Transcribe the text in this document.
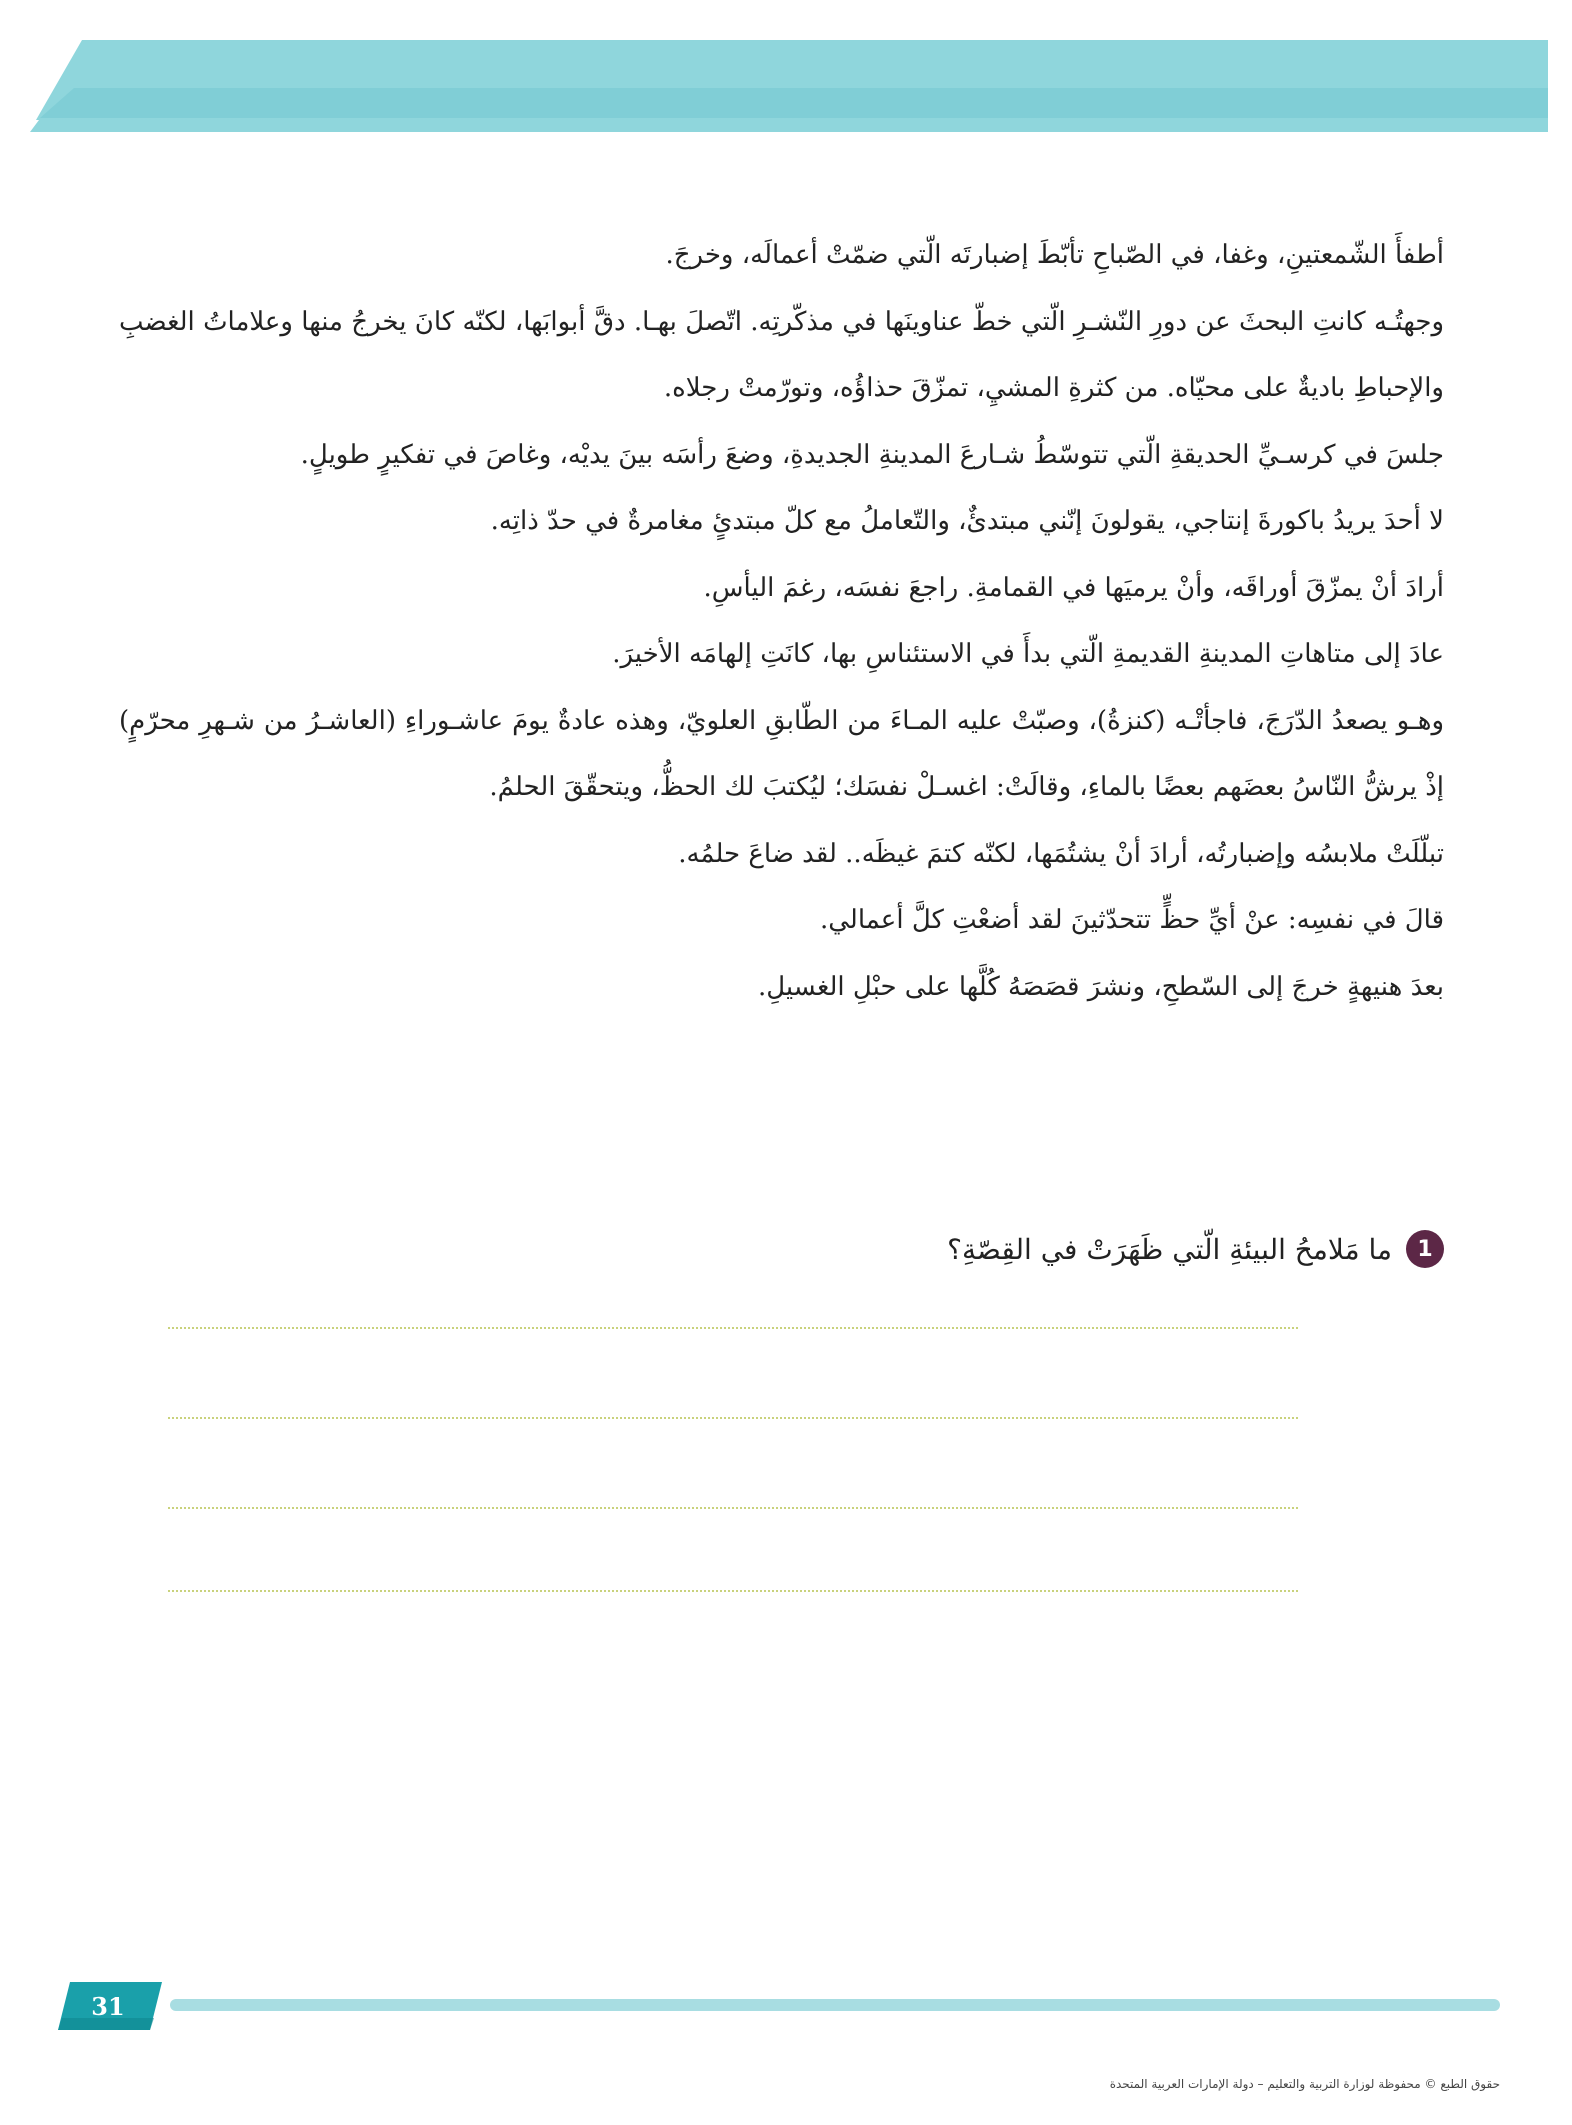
أطفأَ الشّمعتينِ، وغفا، في الصّباحِ تأبّطَ إضبارتَه الّتي ضمّتْ أعمالَه، وخرجَ.

وجهتُـه كانتِ البحثَ عن دورِ النّشـرِ الّتي خطّ عناوينَها في مذكّرتِه. اتّصلَ بهـا. دقَّ أبوابَها، لكنّه كانَ يخرجُ منها وعلاماتُ الغضبِ والإحباطِ باديةٌ على محيّاه. من كثرةِ المشيِ، تمزّقَ حذاؤُه، وتورّمتْ رجلاه.

جلسَ في كرسـيِّ الحديقةِ الّتي تتوسّطُ شـارعَ المدينةِ الجديدةِ، وضعَ رأسَه بينَ يديْه، وغاصَ في تفكيرٍ طويلٍ.

لا أحدَ يريدُ باكورةَ إنتاجي، يقولونَ إنّني مبتدئٌ، والتّعاملُ مع كلّ مبتدئٍ مغامرةٌ في حدّ ذاتِه.

أرادَ أنْ يمزّقَ أوراقَه، وأنْ يرميَها في القمامةِ. راجعَ نفسَه، رغمَ اليأسِ.

عادَ إلى متاهاتِ المدينةِ القديمةِ الّتي بدأَ في الاستئناسِ بها، كانَتِ إلهامَه الأخيرَ.

وهـو يصعدُ الدّرَجَ، فاجأتْـه (كنزةُ)، وصبّتْ عليه المـاءَ من الطّابقِ العلويّ، وهذه عادةٌ يومَ عاشـوراءِ (العاشـرُ من شـهرِ محرّمٍ) إذْ يرشُّ النّاسُ بعضَهم بعضًا بالماءِ، وقالَتْ: اغسـلْ نفسَك؛ ليُكتبَ لك الحظُّ، ويتحقّقَ الحلمُ.

تبلّلَتْ ملابسُه وإضبارتُه، أرادَ أنْ يشتُمَها، لكنّه كتمَ غيظَه.. لقد ضاعَ حلمُه.

قالَ في نفسِه: عنْ أيِّ حظٍّ تتحدّثينَ لقد أضعْتِ كلَّ أعمالي.

بعدَ هنيهةٍ خرجَ إلى السّطحِ، ونشرَ قصَصَهُ كُلَّها على حبْلِ الغسيلِ.

1
ما مَلامحُ البيئةِ الّتي ظَهَرَتْ في القِصّةِ؟
31
حقوق الطبع © محفوظة لوزارة التربية والتعليم – دولة الإمارات العربية المتحدة
